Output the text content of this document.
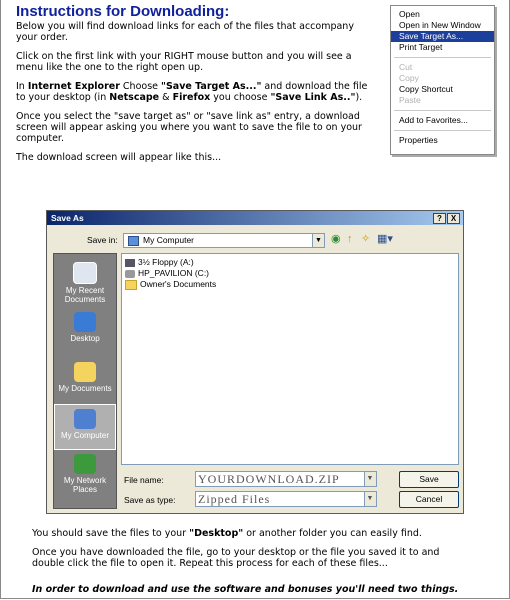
Instructions for Downloading:

Below you will find download links for each of the files that accompany your order.

Click on the first link with your RIGHT mouse button and you will see a menu like the one to the right open up.

In Internet Explorer Choose "Save Target As..." and download the file to your desktop (in Netscape & Firefox you choose "Save Link As..").

Once you select the "save target as" or "save link as" entry, a download screen will appear asking you where you want to save the file to on your computer.

The download screen will appear like this...

Open
Open in New Window
Save Target As...
Print Target
Cut
Copy
Copy Shortcut
Paste
Add to Favorites...
Properties
Save As	?	X
Save in:	My Computer	▼ ◉ ↑ ✧ ▦▾
My Recent Documents
Desktop
My Documents
My Computer
My Network Places
3½ Floppy (A:)
HP_PAVILION (C:)
Owner's Documents
File name:	YOURDOWNLOAD.ZIP	▼
Save as type: Zipped Files	▼
Save
Cancel

You should save the files to your "Desktop" or another folder you can easily find.

Once you have downloaded the file, go to your desktop or the file you saved it to and double click the file to open it. Repeat this process for each of these files...

In order to download and use the software and bonuses you'll need two things.
